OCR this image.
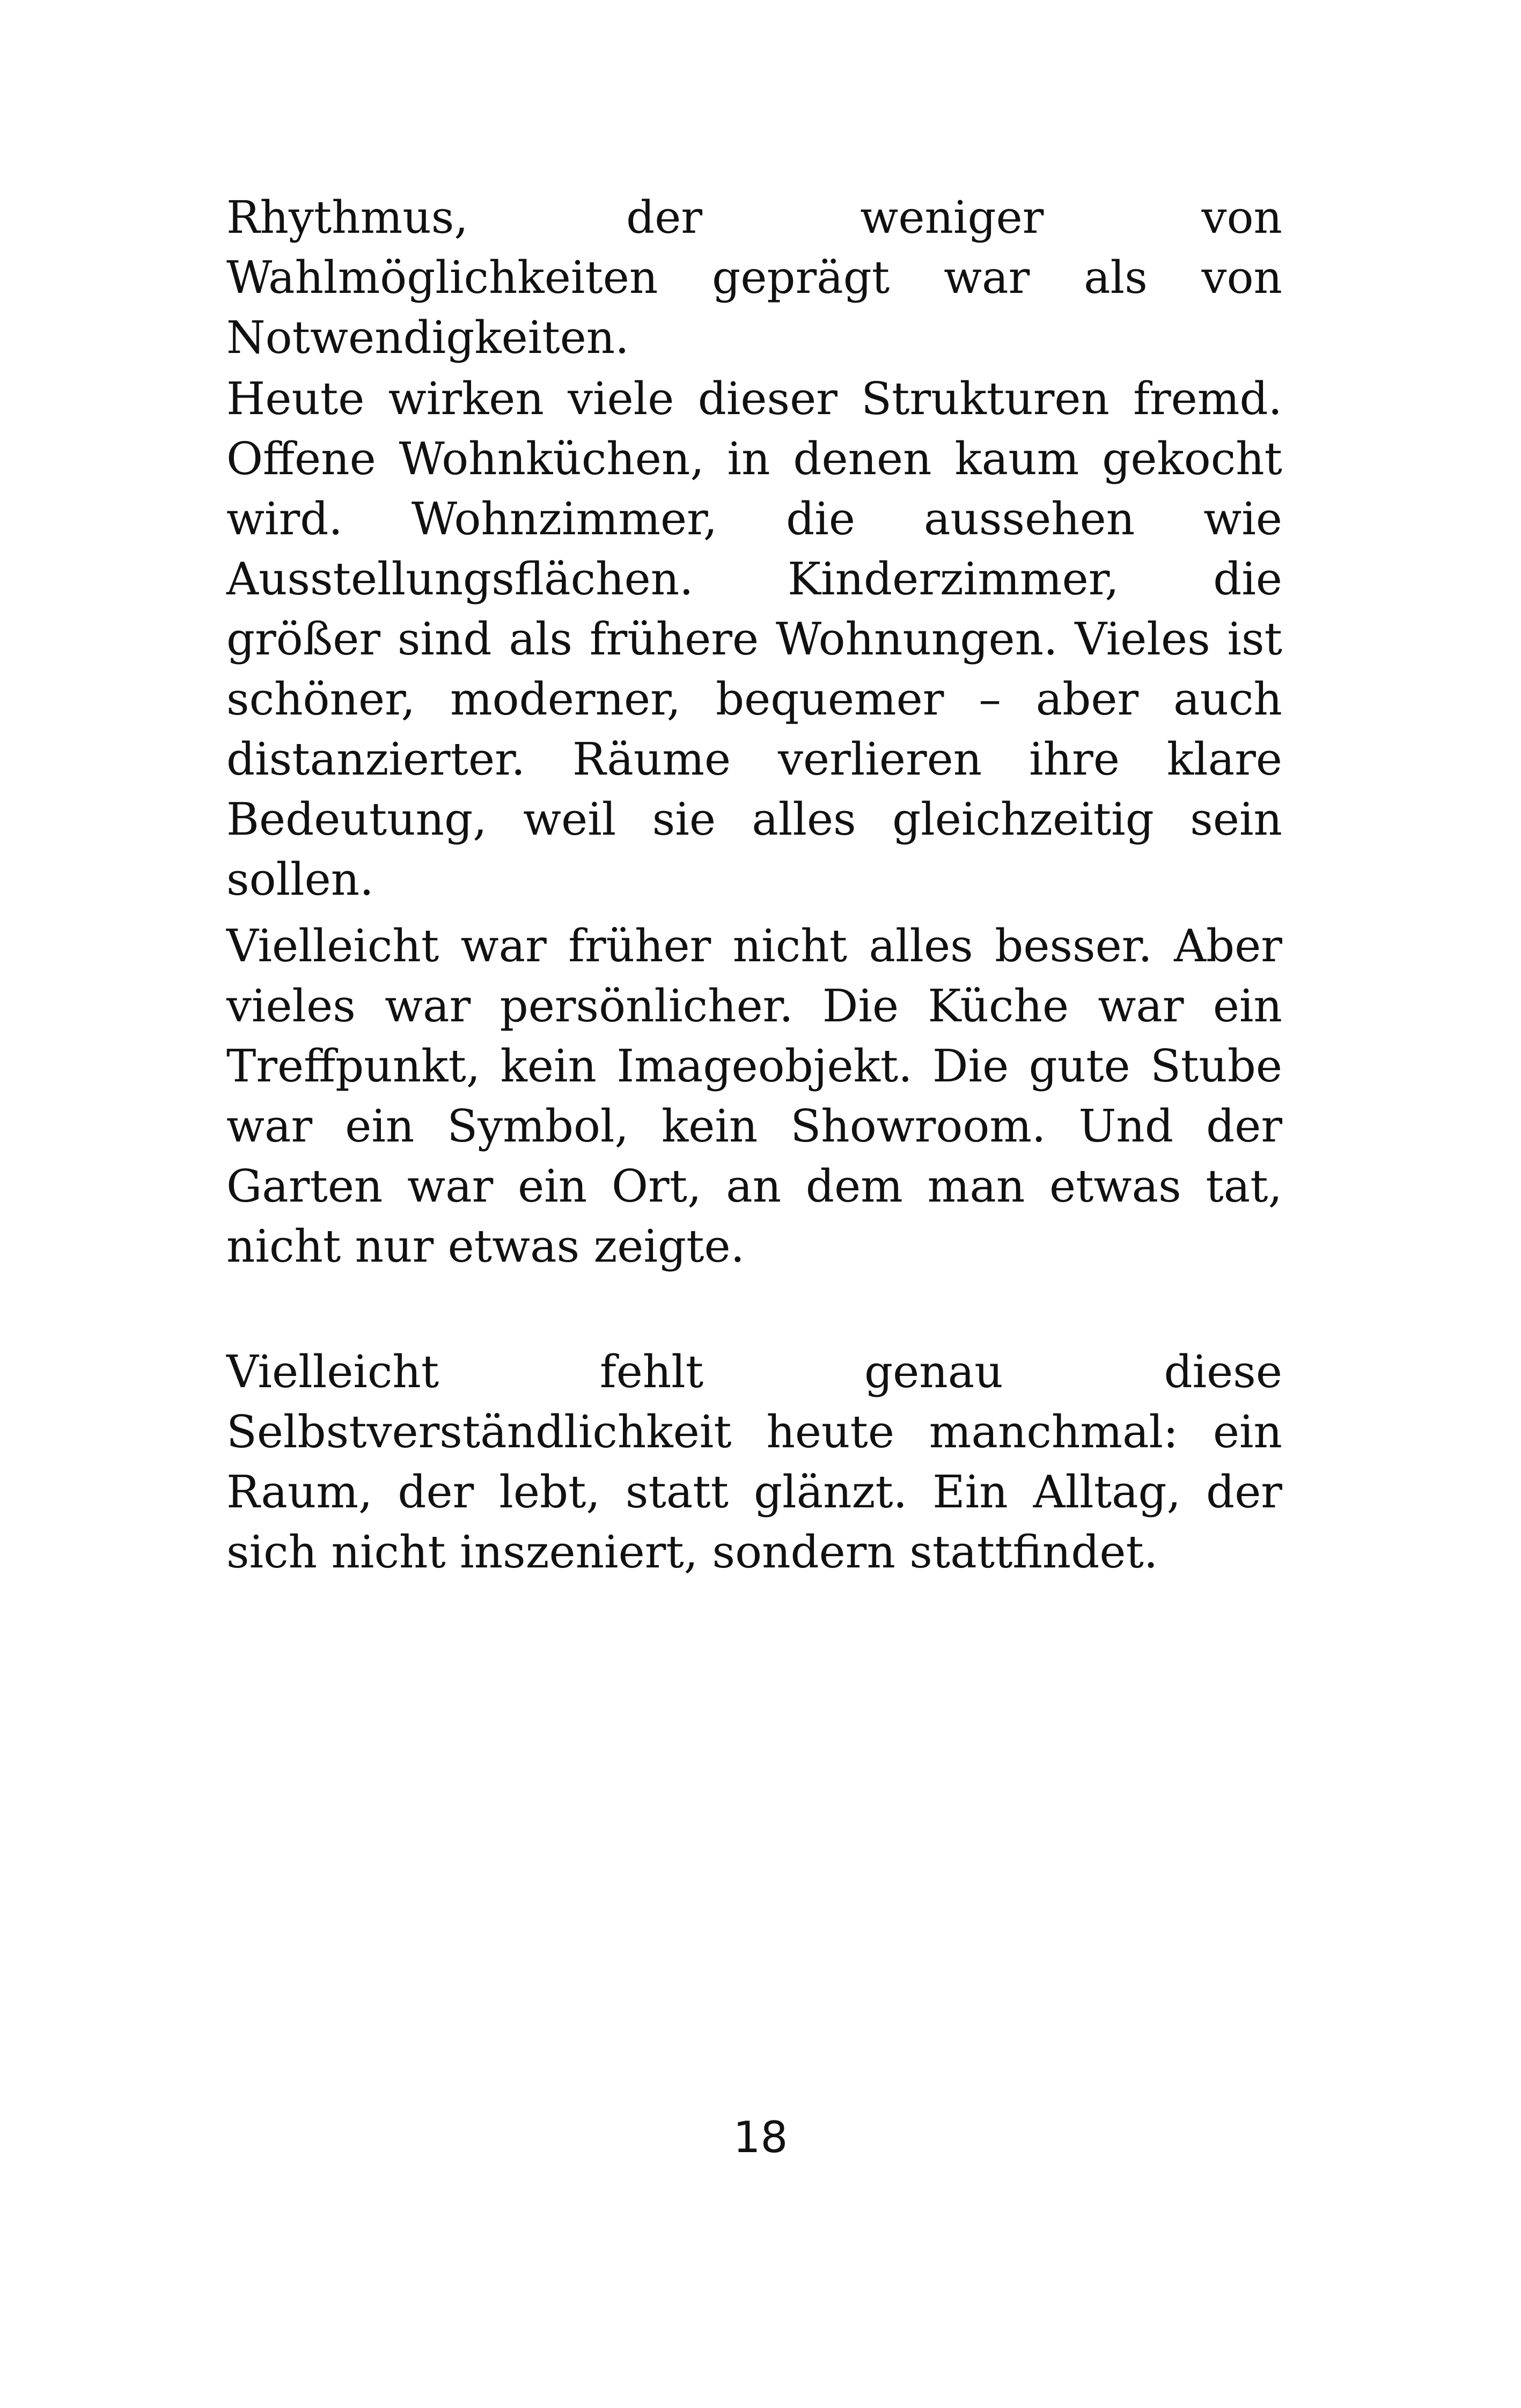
Rhythmus, der weniger von Wahlmöglichkeiten geprägt war als von Notwendigkeiten.

Heute wirken viele dieser Strukturen fremd. Offene Wohnküchen, in denen kaum gekocht wird. Wohnzimmer, die aussehen wie Ausstellungsflächen. Kinderzimmer, die größer sind als frühere Wohnungen. Vieles ist schöner, moderner, bequemer – aber auch distanzierter. Räume verlieren ihre klare Bedeutung, weil sie alles gleichzeitig sein sollen.

Vielleicht war früher nicht alles besser. Aber vieles war persönlicher. Die Küche war ein Treffpunkt, kein Imageobjekt. Die gute Stube war ein Symbol, kein Showroom. Und der Garten war ein Ort, an dem man etwas tat, nicht nur etwas zeigte.

Vielleicht fehlt genau diese Selbstverständlichkeit heute manchmal: ein Raum, der lebt, statt glänzt. Ein Alltag, der sich nicht inszeniert, sondern stattfindet.

18
